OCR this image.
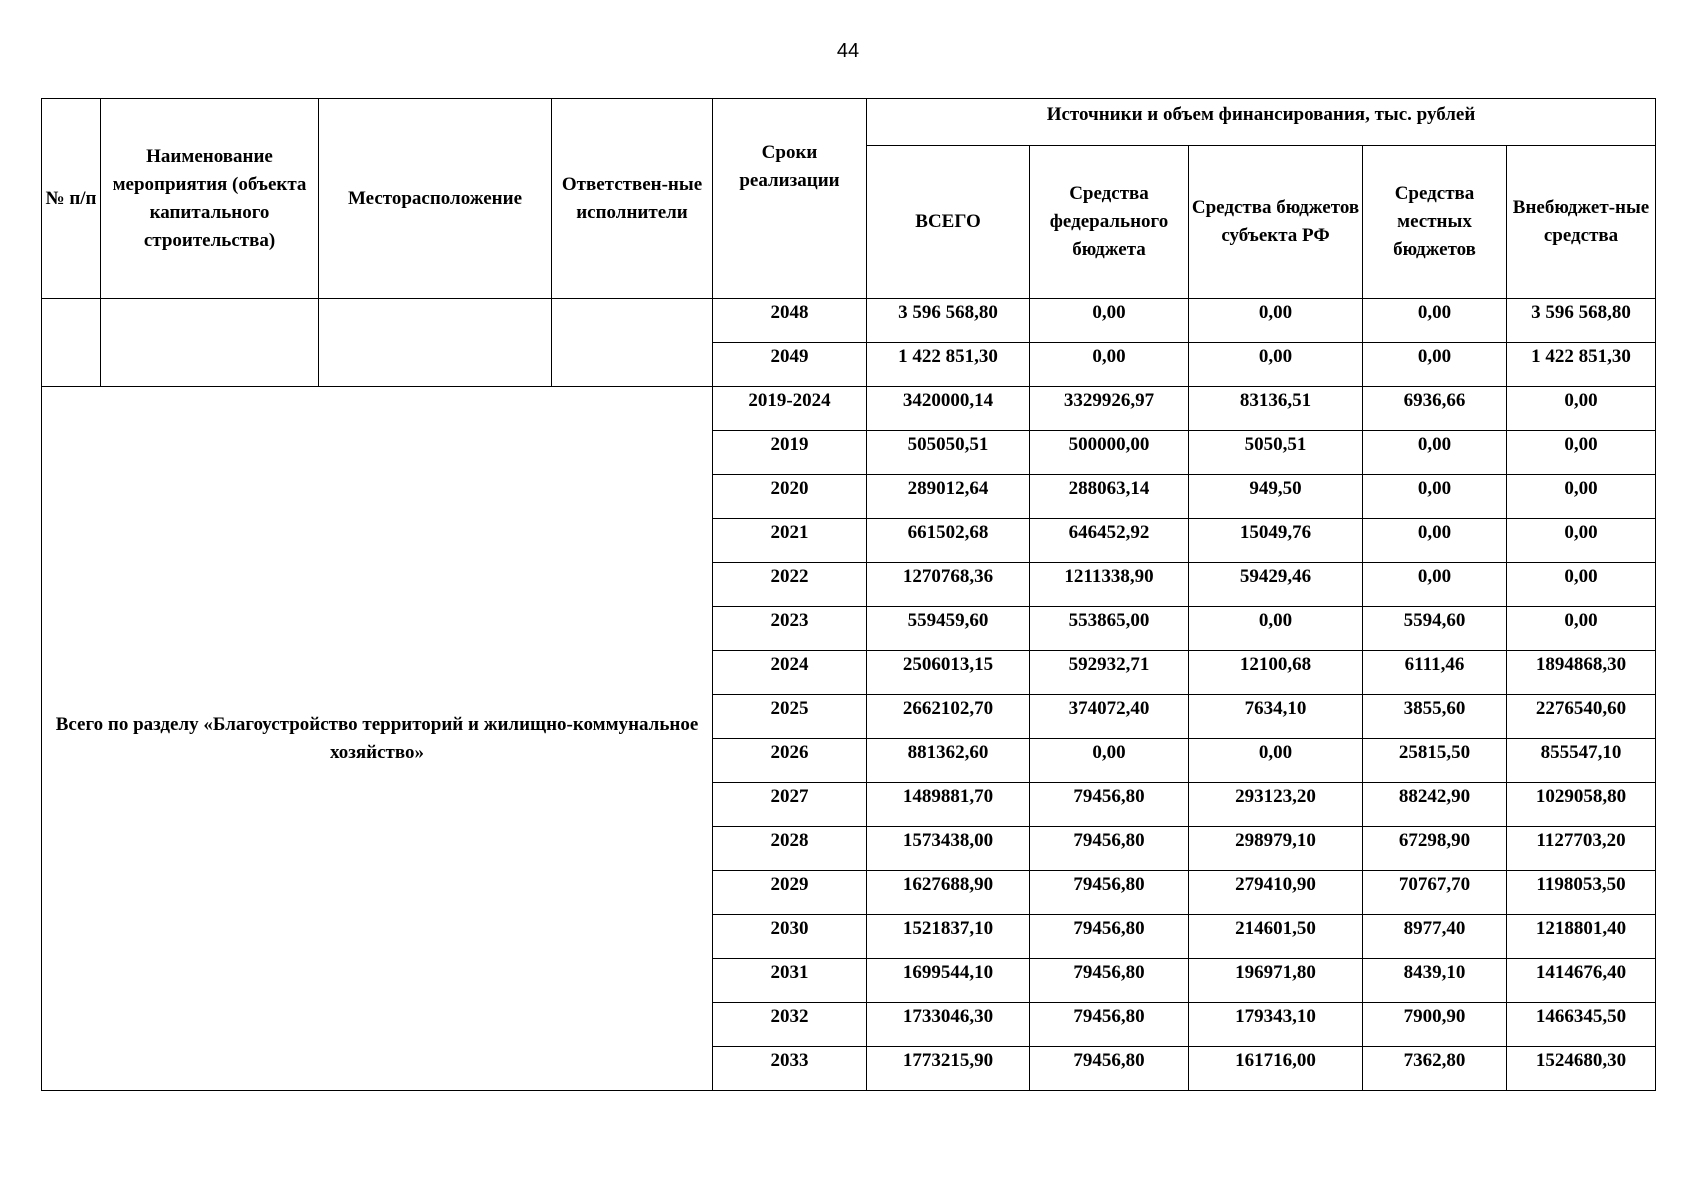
44
№ п/п	Наименование мероприятия (объекта капитального строительства)	Месторасположение	Ответствен-ные исполнители	Сроки реализации	Источники и объем финансирования, тыс. рублей				
					ВСЕГО	Средства федерального бюджета	Средства бюджетов субъекта РФ	Средства местных бюджетов	Внебюджет-ные средства
				2048	3 596 568,80	0,00	0,00	0,00	3 596 568,80
				2049	1 422 851,30	0,00	0,00	0,00	1 422 851,30
Всего по разделу «Благоустройство территорий и жилищно-коммунальное хозяйство»				2019-2024	3420000,14	3329926,97	83136,51	6936,66	0,00
				2019	505050,51	500000,00	5050,51	0,00	0,00
				2020	289012,64	288063,14	949,50	0,00	0,00
				2021	661502,68	646452,92	15049,76	0,00	0,00
				2022	1270768,36	1211338,90	59429,46	0,00	0,00
				2023	559459,60	553865,00	0,00	5594,60	0,00
				2024	2506013,15	592932,71	12100,68	6111,46	1894868,30
				2025	2662102,70	374072,40	7634,10	3855,60	2276540,60
				2026	881362,60	0,00	0,00	25815,50	855547,10
				2027	1489881,70	79456,80	293123,20	88242,90	1029058,80
				2028	1573438,00	79456,80	298979,10	67298,90	1127703,20
				2029	1627688,90	79456,80	279410,90	70767,70	1198053,50
				2030	1521837,10	79456,80	214601,50	8977,40	1218801,40
				2031	1699544,10	79456,80	196971,80	8439,10	1414676,40
				2032	1733046,30	79456,80	179343,10	7900,90	1466345,50
				2033	1773215,90	79456,80	161716,00	7362,80	1524680,30
